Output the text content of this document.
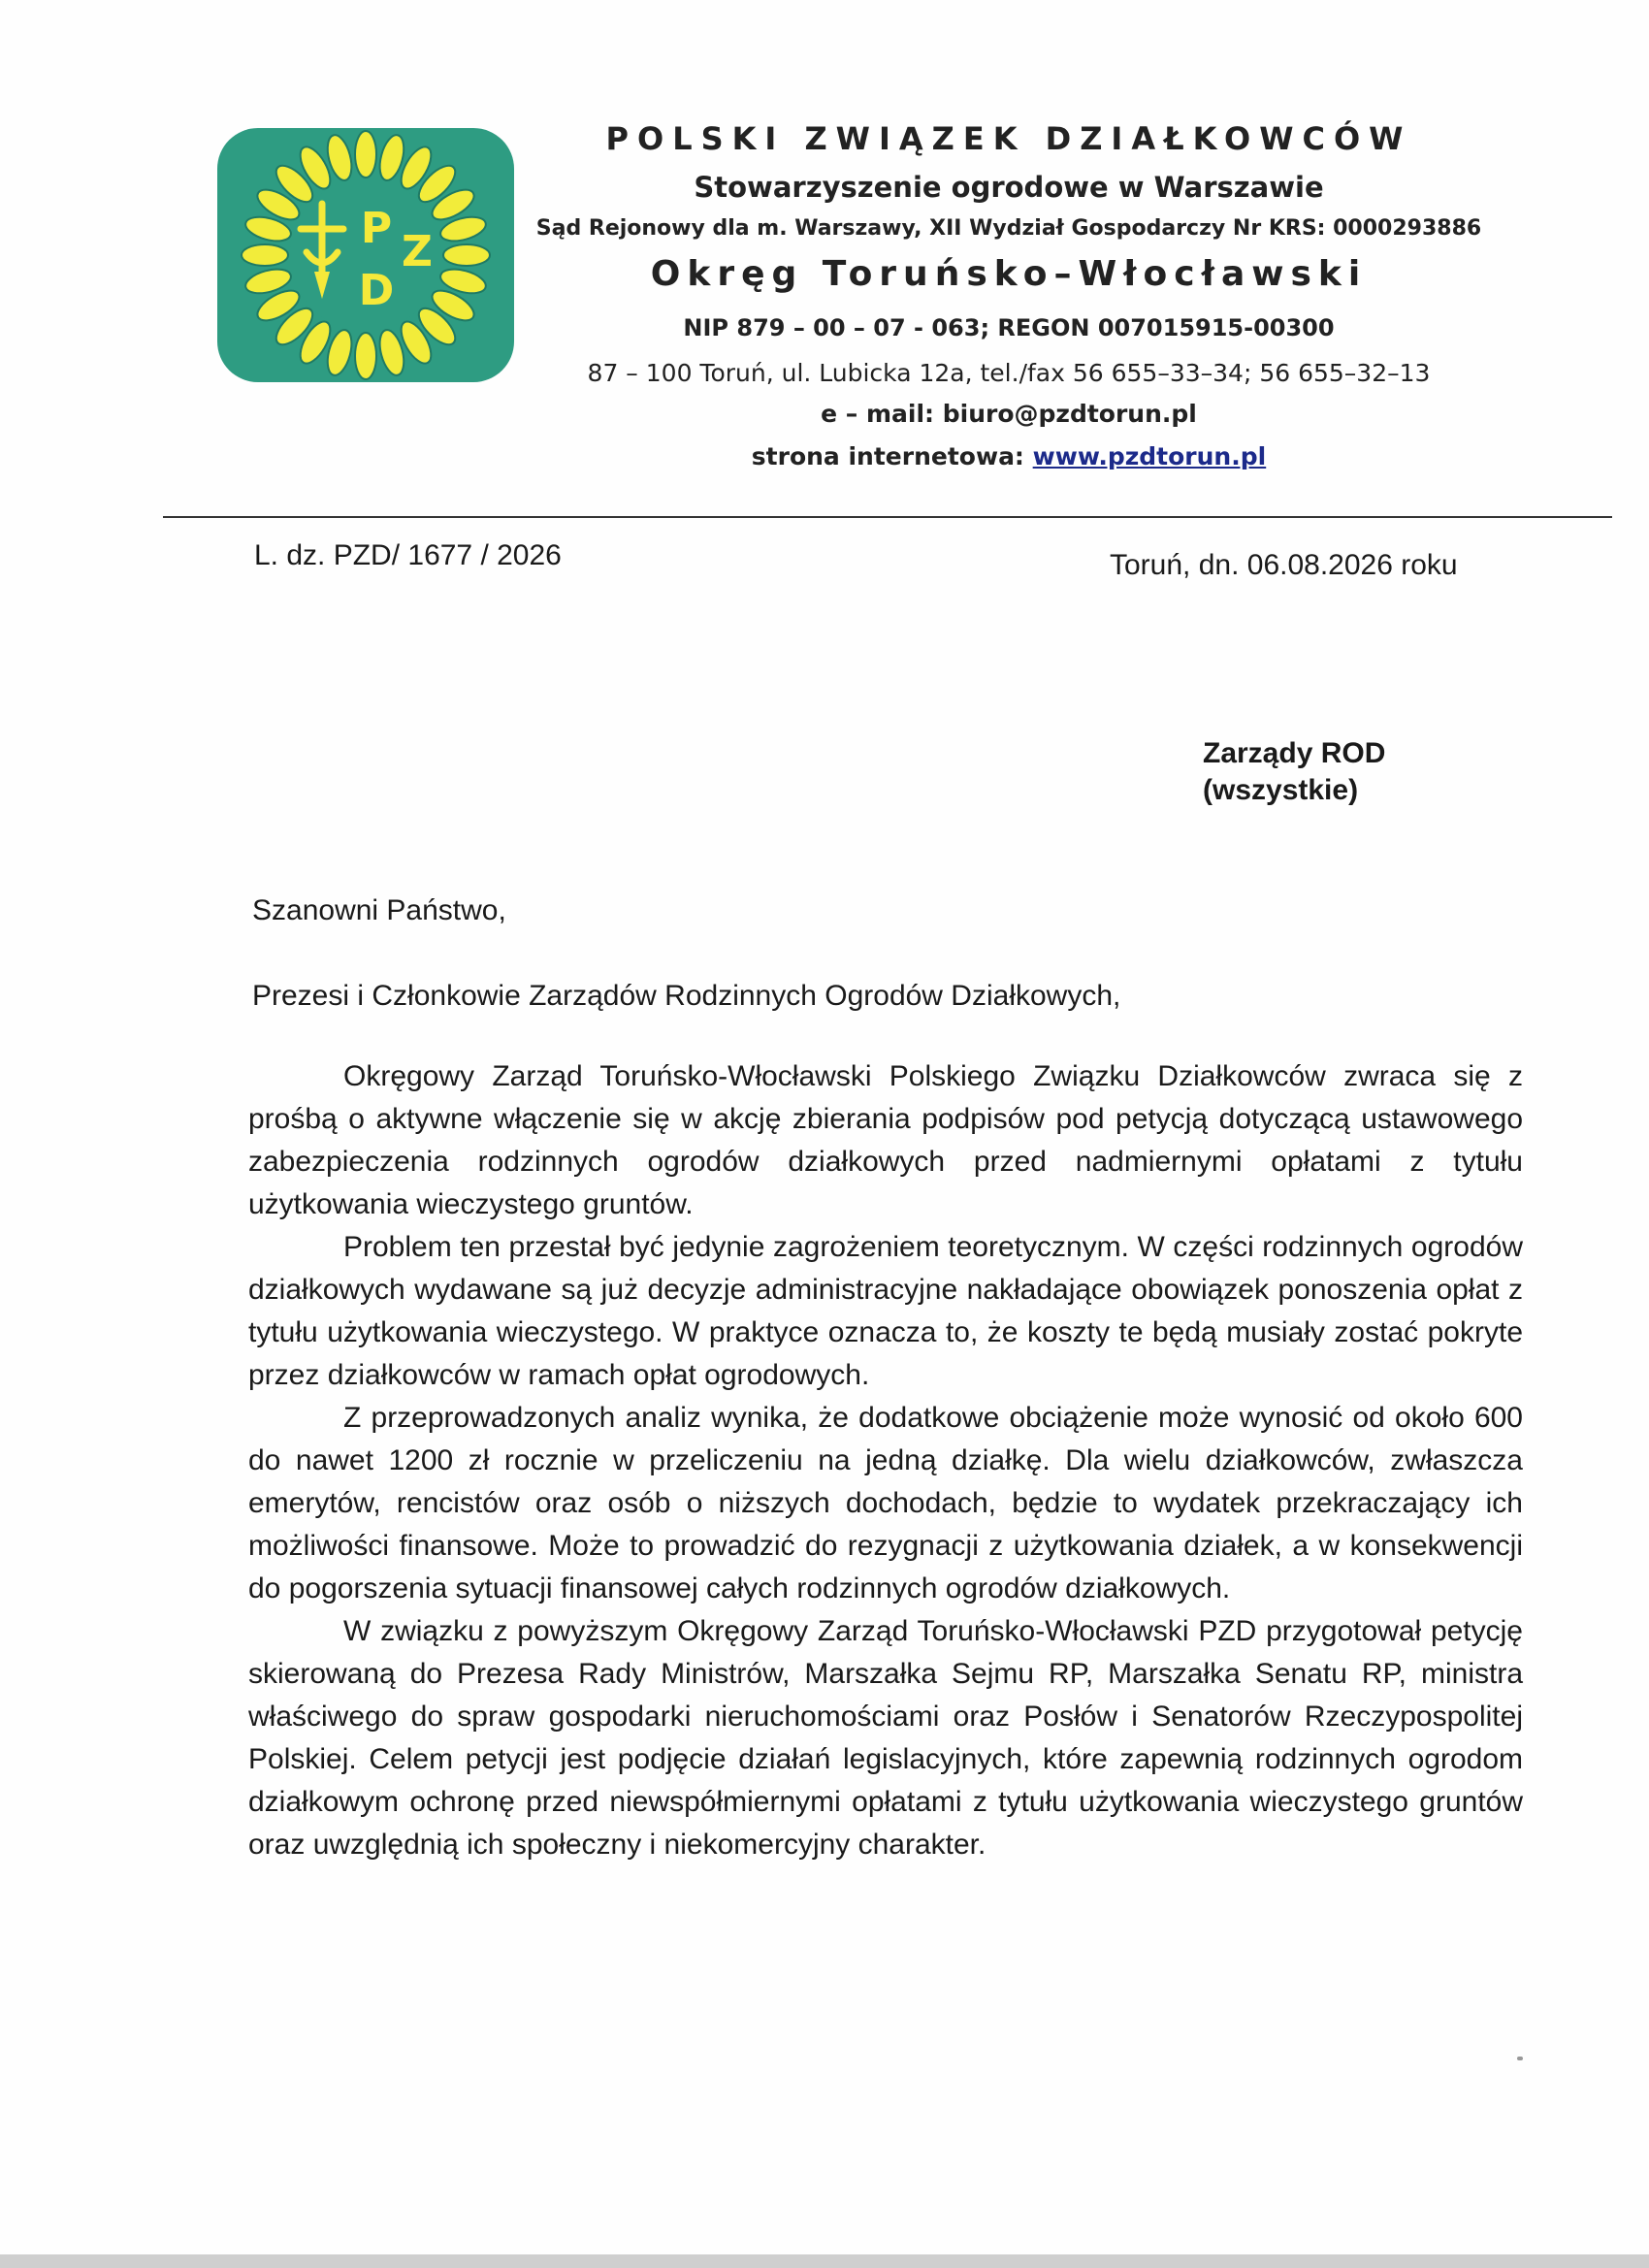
P Z
D
POLSKI ZWIĄZEK DZIAŁKOWCÓW
Stowarzyszenie ogrodowe w Warszawie
Sąd Rejonowy dla m. Warszawy, XII Wydział Gospodarczy Nr KRS: 0000293886
Okręg Toruńsko–Włocławski
NIP 879 – 00 – 07 - 063; REGON 007015915-00300
87 – 100 Toruń, ul. Lubicka 12a, tel./fax 56 655–33–34; 56 655–32–13
e – mail: biuro@pzdtorun.pl
strona internetowa: www.pzdtorun.pl
L. dz. PZD/ 1677 / 2026	Toruń, dn. 06.08.2026 roku
Zarządy ROD
(wszystkie)
Szanowni Państwo,
Prezesi i Członkowie Zarządów Rodzinnych Ogrodów Działkowych,

Okręgowy Zarząd Toruńsko-Włocławski Polskiego Związku Działkowców zwraca się z prośbą o aktywne włączenie się w akcję zbierania podpisów pod petycją dotyczącą ustawowego zabezpieczenia rodzinnych ogrodów działkowych przed nadmiernymi opłatami z tytułu użytkowania wieczystego gruntów.

Problem ten przestał być jedynie zagrożeniem teoretycznym. W części rodzinnych ogrodów działkowych wydawane są już decyzje administracyjne nakładające obowiązek ponoszenia opłat z tytułu użytkowania wieczystego. W praktyce oznacza to, że koszty te będą musiały zostać pokryte przez działkowców w ramach opłat ogrodowych.

Z przeprowadzonych analiz wynika, że dodatkowe obciążenie może wynosić od około 600 do nawet 1200 zł rocznie w przeliczeniu na jedną działkę. Dla wielu działkowców, zwłaszcza emerytów, rencistów oraz osób o niższych dochodach, będzie to wydatek przekraczający ich możliwości finansowe. Może to prowadzić do rezygnacji z użytkowania działek, a w konsekwencji do pogorszenia sytuacji finansowej całych rodzinnych ogrodów działkowych.

W związku z powyższym Okręgowy Zarząd Toruńsko-Włocławski PZD przygotował petycję skierowaną do Prezesa Rady Ministrów, Marszałka Sejmu RP, Marszałka Senatu RP, ministra właściwego do spraw gospodarki nieruchomościami oraz Posłów i Senatorów Rzeczypospolitej Polskiej. Celem petycji jest podjęcie działań legislacyjnych, które zapewnią rodzinnych ogrodom działkowym ochronę przed niewspółmiernymi opłatami z tytułu użytkowania wieczystego gruntów oraz uwzględnią ich społeczny i niekomercyjny charakter.
